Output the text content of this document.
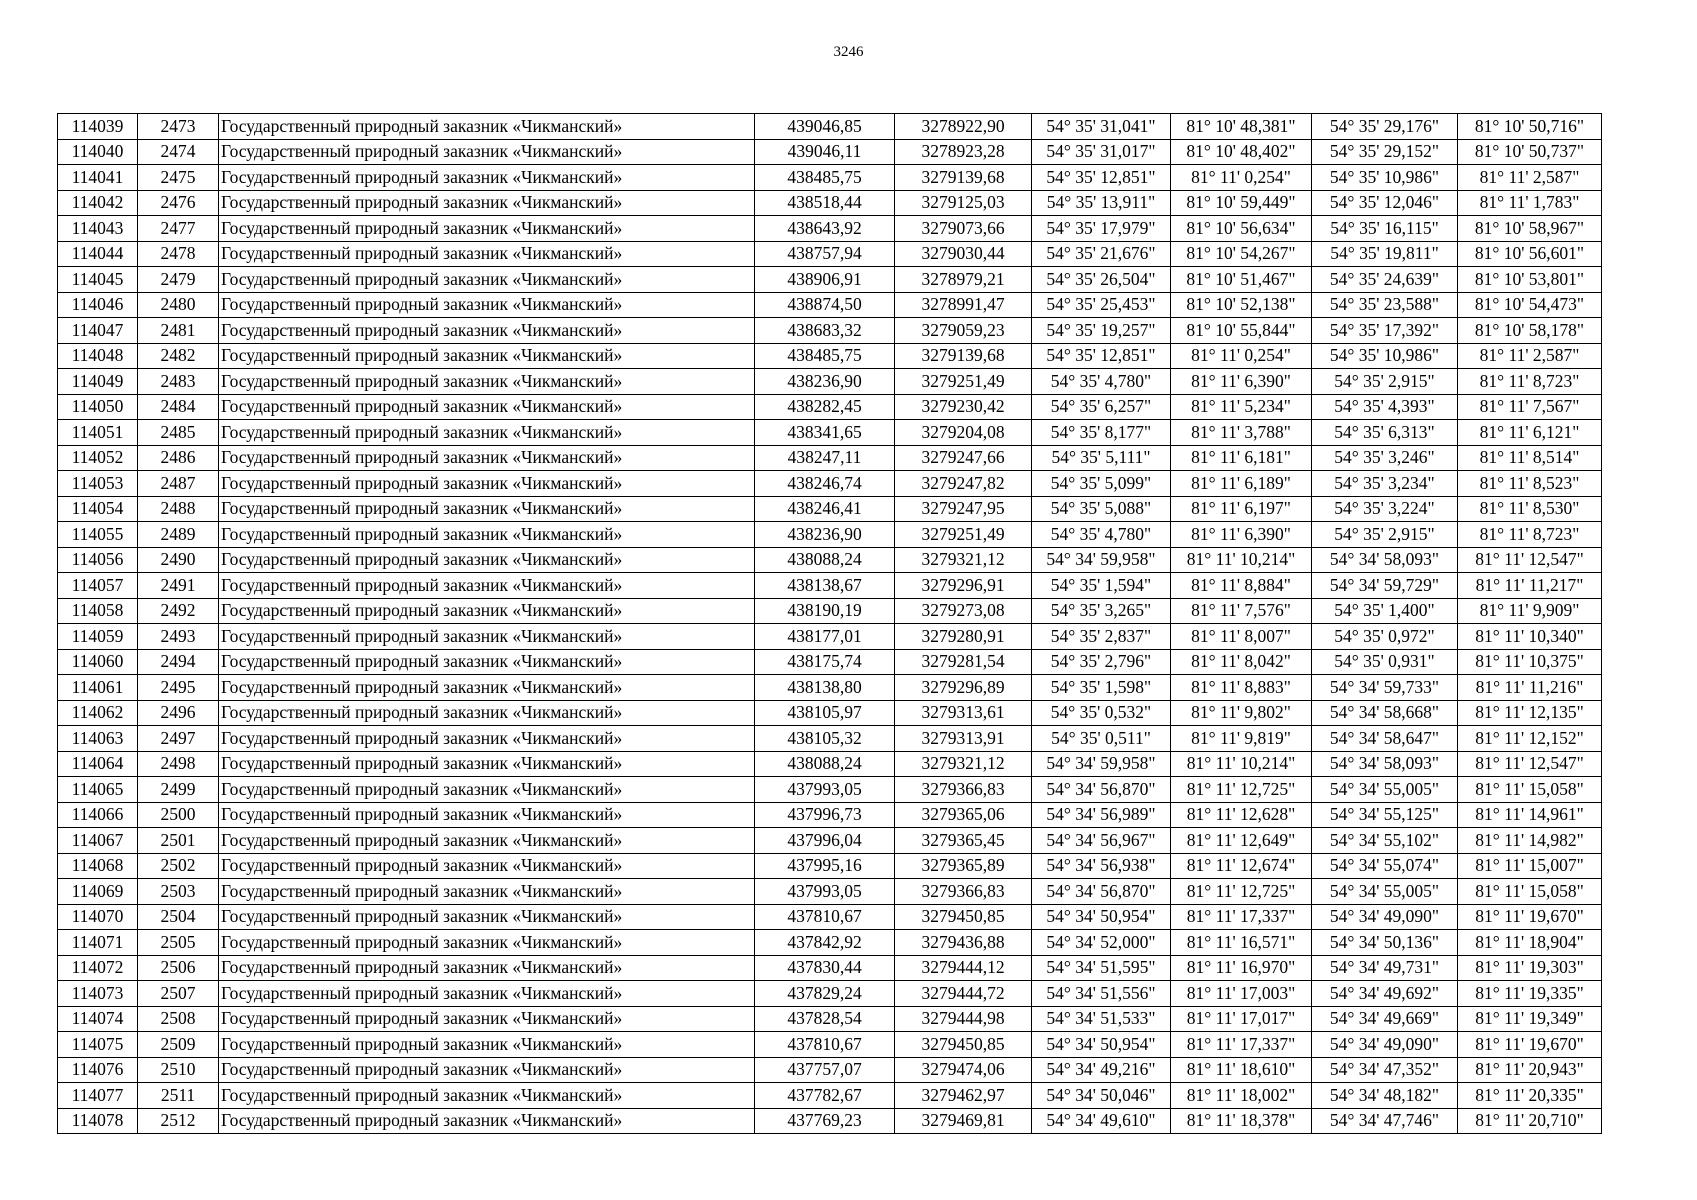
3246
114039	2473	Государственный природный заказник «Чикманский»	439046,85	3278922,90	54° 35' 31,041"	81° 10' 48,381"	54° 35' 29,176"	81° 10' 50,716"
114040	2474	Государственный природный заказник «Чикманский»	439046,11	3278923,28	54° 35' 31,017"	81° 10' 48,402"	54° 35' 29,152"	81° 10' 50,737"
114041	2475	Государственный природный заказник «Чикманский»	438485,75	3279139,68	54° 35' 12,851"	81° 11' 0,254"	54° 35' 10,986"	81° 11' 2,587"
114042	2476	Государственный природный заказник «Чикманский»	438518,44	3279125,03	54° 35' 13,911"	81° 10' 59,449"	54° 35' 12,046"	81° 11' 1,783"
114043	2477	Государственный природный заказник «Чикманский»	438643,92	3279073,66	54° 35' 17,979"	81° 10' 56,634"	54° 35' 16,115"	81° 10' 58,967"
114044	2478	Государственный природный заказник «Чикманский»	438757,94	3279030,44	54° 35' 21,676"	81° 10' 54,267"	54° 35' 19,811"	81° 10' 56,601"
114045	2479	Государственный природный заказник «Чикманский»	438906,91	3278979,21	54° 35' 26,504"	81° 10' 51,467"	54° 35' 24,639"	81° 10' 53,801"
114046	2480	Государственный природный заказник «Чикманский»	438874,50	3278991,47	54° 35' 25,453"	81° 10' 52,138"	54° 35' 23,588"	81° 10' 54,473"
114047	2481	Государственный природный заказник «Чикманский»	438683,32	3279059,23	54° 35' 19,257"	81° 10' 55,844"	54° 35' 17,392"	81° 10' 58,178"
114048	2482	Государственный природный заказник «Чикманский»	438485,75	3279139,68	54° 35' 12,851"	81° 11' 0,254"	54° 35' 10,986"	81° 11' 2,587"
114049	2483	Государственный природный заказник «Чикманский»	438236,90	3279251,49	54° 35' 4,780"	81° 11' 6,390"	54° 35' 2,915"	81° 11' 8,723"
114050	2484	Государственный природный заказник «Чикманский»	438282,45	3279230,42	54° 35' 6,257"	81° 11' 5,234"	54° 35' 4,393"	81° 11' 7,567"
114051	2485	Государственный природный заказник «Чикманский»	438341,65	3279204,08	54° 35' 8,177"	81° 11' 3,788"	54° 35' 6,313"	81° 11' 6,121"
114052	2486	Государственный природный заказник «Чикманский»	438247,11	3279247,66	54° 35' 5,111"	81° 11' 6,181"	54° 35' 3,246"	81° 11' 8,514"
114053	2487	Государственный природный заказник «Чикманский»	438246,74	3279247,82	54° 35' 5,099"	81° 11' 6,189"	54° 35' 3,234"	81° 11' 8,523"
114054	2488	Государственный природный заказник «Чикманский»	438246,41	3279247,95	54° 35' 5,088"	81° 11' 6,197"	54° 35' 3,224"	81° 11' 8,530"
114055	2489	Государственный природный заказник «Чикманский»	438236,90	3279251,49	54° 35' 4,780"	81° 11' 6,390"	54° 35' 2,915"	81° 11' 8,723"
114056	2490	Государственный природный заказник «Чикманский»	438088,24	3279321,12	54° 34' 59,958"	81° 11' 10,214"	54° 34' 58,093"	81° 11' 12,547"
114057	2491	Государственный природный заказник «Чикманский»	438138,67	3279296,91	54° 35' 1,594"	81° 11' 8,884"	54° 34' 59,729"	81° 11' 11,217"
114058	2492	Государственный природный заказник «Чикманский»	438190,19	3279273,08	54° 35' 3,265"	81° 11' 7,576"	54° 35' 1,400"	81° 11' 9,909"
114059	2493	Государственный природный заказник «Чикманский»	438177,01	3279280,91	54° 35' 2,837"	81° 11' 8,007"	54° 35' 0,972"	81° 11' 10,340"
114060	2494	Государственный природный заказник «Чикманский»	438175,74	3279281,54	54° 35' 2,796"	81° 11' 8,042"	54° 35' 0,931"	81° 11' 10,375"
114061	2495	Государственный природный заказник «Чикманский»	438138,80	3279296,89	54° 35' 1,598"	81° 11' 8,883"	54° 34' 59,733"	81° 11' 11,216"
114062	2496	Государственный природный заказник «Чикманский»	438105,97	3279313,61	54° 35' 0,532"	81° 11' 9,802"	54° 34' 58,668"	81° 11' 12,135"
114063	2497	Государственный природный заказник «Чикманский»	438105,32	3279313,91	54° 35' 0,511"	81° 11' 9,819"	54° 34' 58,647"	81° 11' 12,152"
114064	2498	Государственный природный заказник «Чикманский»	438088,24	3279321,12	54° 34' 59,958"	81° 11' 10,214"	54° 34' 58,093"	81° 11' 12,547"
114065	2499	Государственный природный заказник «Чикманский»	437993,05	3279366,83	54° 34' 56,870"	81° 11' 12,725"	54° 34' 55,005"	81° 11' 15,058"
114066	2500	Государственный природный заказник «Чикманский»	437996,73	3279365,06	54° 34' 56,989"	81° 11' 12,628"	54° 34' 55,125"	81° 11' 14,961"
114067	2501	Государственный природный заказник «Чикманский»	437996,04	3279365,45	54° 34' 56,967"	81° 11' 12,649"	54° 34' 55,102"	81° 11' 14,982"
114068	2502	Государственный природный заказник «Чикманский»	437995,16	3279365,89	54° 34' 56,938"	81° 11' 12,674"	54° 34' 55,074"	81° 11' 15,007"
114069	2503	Государственный природный заказник «Чикманский»	437993,05	3279366,83	54° 34' 56,870"	81° 11' 12,725"	54° 34' 55,005"	81° 11' 15,058"
114070	2504	Государственный природный заказник «Чикманский»	437810,67	3279450,85	54° 34' 50,954"	81° 11' 17,337"	54° 34' 49,090"	81° 11' 19,670"
114071	2505	Государственный природный заказник «Чикманский»	437842,92	3279436,88	54° 34' 52,000"	81° 11' 16,571"	54° 34' 50,136"	81° 11' 18,904"
114072	2506	Государственный природный заказник «Чикманский»	437830,44	3279444,12	54° 34' 51,595"	81° 11' 16,970"	54° 34' 49,731"	81° 11' 19,303"
114073	2507	Государственный природный заказник «Чикманский»	437829,24	3279444,72	54° 34' 51,556"	81° 11' 17,003"	54° 34' 49,692"	81° 11' 19,335"
114074	2508	Государственный природный заказник «Чикманский»	437828,54	3279444,98	54° 34' 51,533"	81° 11' 17,017"	54° 34' 49,669"	81° 11' 19,349"
114075	2509	Государственный природный заказник «Чикманский»	437810,67	3279450,85	54° 34' 50,954"	81° 11' 17,337"	54° 34' 49,090"	81° 11' 19,670"
114076	2510	Государственный природный заказник «Чикманский»	437757,07	3279474,06	54° 34' 49,216"	81° 11' 18,610"	54° 34' 47,352"	81° 11' 20,943"
114077	2511	Государственный природный заказник «Чикманский»	437782,67	3279462,97	54° 34' 50,046"	81° 11' 18,002"	54° 34' 48,182"	81° 11' 20,335"
114078	2512	Государственный природный заказник «Чикманский»	437769,23	3279469,81	54° 34' 49,610"	81° 11' 18,378"	54° 34' 47,746"	81° 11' 20,710"
